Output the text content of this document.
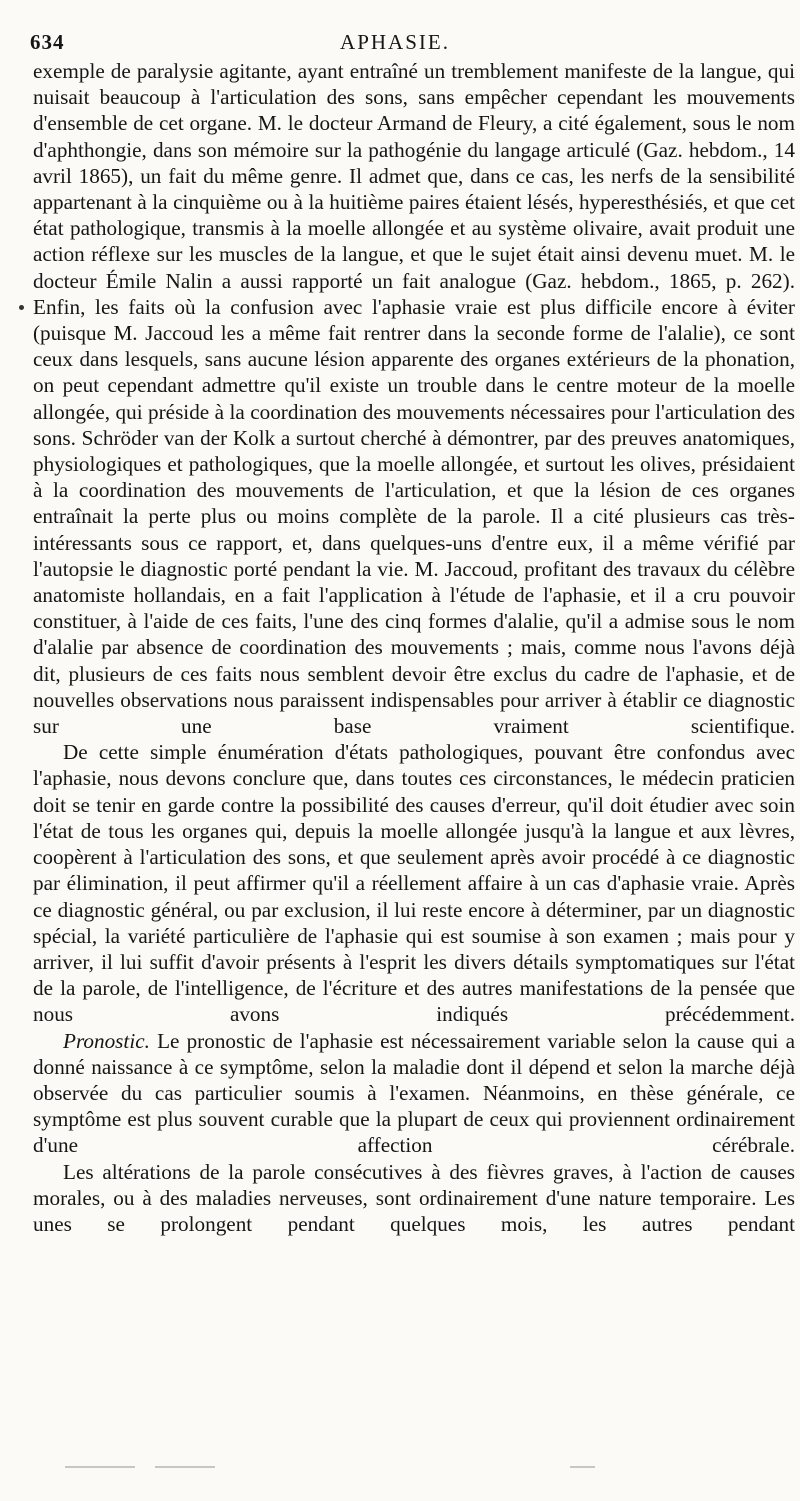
634	APHASIE.

exemple de paralysie agitante, ayant entraîné un tremblement manifeste de la langue, qui nuisait beaucoup à l'articulation des sons, sans empêcher cependant les mouvements d'ensemble de cet organe. M. le docteur Armand de Fleury, a cité également, sous le nom d'aphthongie, dans son mémoire sur la pathogénie du langage articulé (Gaz. hebdom., 14 avril 1865), un fait du même genre. Il admet que, dans ce cas, les nerfs de la sensibilité appartenant à la cinquième ou à la huitième paires étaient lésés, hyperesthésiés, et que cet état pathologique, transmis à la moelle allongée et au système olivaire, avait produit une action réflexe sur les muscles de la langue, et que le sujet était ainsi devenu muet. M. le docteur Émile Nalin a aussi rapporté un fait analogue (Gaz. hebdom., 1865, p. 262). Enfin, les faits où la confusion avec l'aphasie vraie est plus difficile encore à éviter (puisque M. Jaccoud les a même fait rentrer dans la seconde forme de l'alalie), ce sont ceux dans lesquels, sans aucune lésion apparente des organes extérieurs de la phonation, on peut cependant admettre qu'il existe un trouble dans le centre moteur de la moelle allongée, qui préside à la coordination des mouvements nécessaires pour l'articulation des sons. Schröder van der Kolk a surtout cherché à démontrer, par des preuves anatomiques, physiologiques et pathologiques, que la moelle allongée, et surtout les olives, présidaient à la coordination des mouvements de l'articulation, et que la lésion de ces organes entraînait la perte plus ou moins complète de la parole. Il a cité plusieurs cas très-intéressants sous ce rapport, et, dans quelques-uns d'entre eux, il a même vérifié par l'autopsie le diagnostic porté pendant la vie. M. Jaccoud, profitant des travaux du célèbre anatomiste hollandais, en a fait l'application à l'étude de l'aphasie, et il a cru pouvoir constituer, à l'aide de ces faits, l'une des cinq formes d'alalie, qu'il a admise sous le nom d'alalie par absence de coordination des mouvements ; mais, comme nous l'avons déjà dit, plusieurs de ces faits nous semblent devoir être exclus du cadre de l'aphasie, et de nouvelles observations nous paraissent indispensables pour arriver à établir ce diagnostic sur une base vraiment scientifique.

De cette simple énumération d'états pathologiques, pouvant être confondus avec l'aphasie, nous devons conclure que, dans toutes ces circonstances, le médecin praticien doit se tenir en garde contre la possibilité des causes d'erreur, qu'il doit étudier avec soin l'état de tous les organes qui, depuis la moelle allongée jusqu'à la langue et aux lèvres, coopèrent à l'articulation des sons, et que seulement après avoir procédé à ce diagnostic par élimination, il peut affirmer qu'il a réellement affaire à un cas d'aphasie vraie. Après ce diagnostic général, ou par exclusion, il lui reste encore à déterminer, par un diagnostic spécial, la variété particulière de l'aphasie qui est soumise à son examen ; mais pour y arriver, il lui suffit d'avoir présents à l'esprit les divers détails symptomatiques sur l'état de la parole, de l'intelligence, de l'écriture et des autres manifestations de la pensée que nous avons indiqués précédemment.

Pronostic. Le pronostic de l'aphasie est nécessairement variable selon la cause qui a donné naissance à ce symptôme, selon la maladie dont il dépend et selon la marche déjà observée du cas particulier soumis à l'examen. Néanmoins, en thèse générale, ce symptôme est plus souvent curable que la plupart de ceux qui proviennent ordinairement d'une affection cérébrale.

Les altérations de la parole consécutives à des fièvres graves, à l'action de causes morales, ou à des maladies nerveuses, sont ordinairement d'une nature temporaire. Les unes se prolongent pendant quelques mois, les autres pendant
